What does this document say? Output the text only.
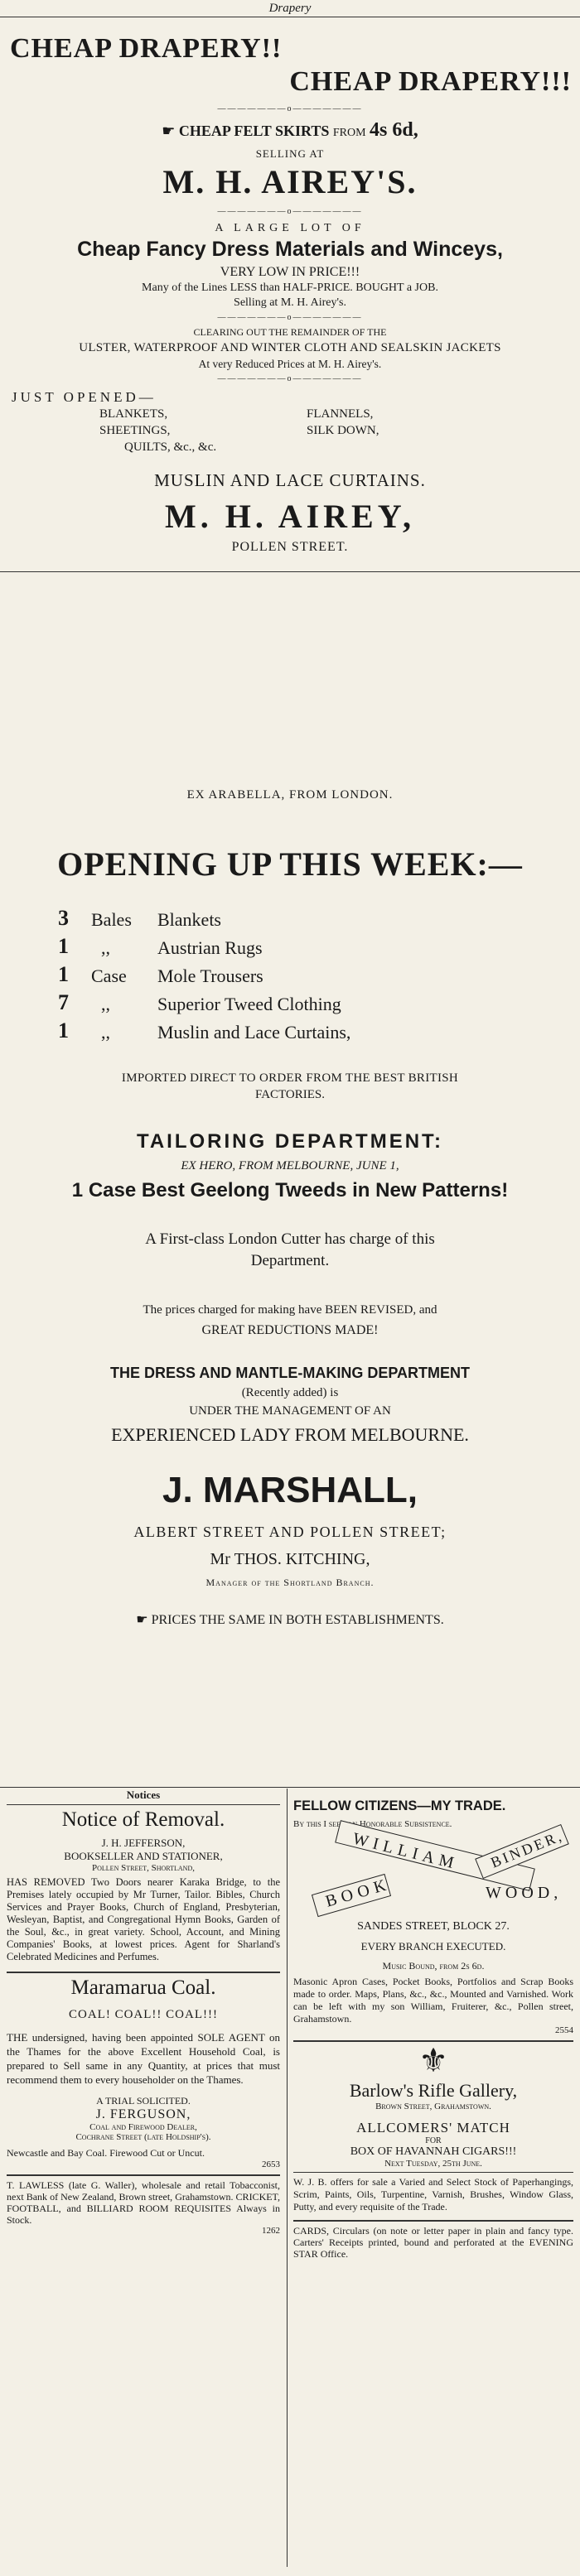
Drapery
CHEAP DRAPERY!!
CHEAP DRAPERY!!!
———————o———————
☛ CHEAP FELT SKIRTS FROM 4s 6d,
SELLING AT
M. H. AIREY'S.
———————o———————
A LARGE LOT OF
Cheap Fancy Dress Materials and Winceys,
VERY LOW IN PRICE!!!
Many of the Lines LESS than HALF-PRICE. BOUGHT a JOB.
Selling at M. H. Airey's.
———————o———————
CLEARING OUT THE REMAINDER OF THE
ULSTER, WATERPROOF AND WINTER CLOTH AND SEALSKIN JACKETS
At very Reduced Prices at M. H. Airey's.
———————o———————
JUST OPENED—
BLANKETS,	FLANNELS,
SHEETINGS,	SILK DOWN,
QUILTS, &c., &c.
MUSLIN AND LACE CURTAINS.
M. H. AIREY,
POLLEN STREET.
EX ARABELLA, FROM LONDON.
OPENING UP THIS WEEK:—
3 Bales Blankets
1 ,,	Austrian Rugs
1 Case Mole Trousers
7 ,,	Superior Tweed Clothing
1 ,,	Muslin and Lace Curtains,
IMPORTED DIRECT TO ORDER FROM THE BEST BRITISH
FACTORIES.
TAILORING DEPARTMENT:
EX HERO, FROM MELBOURNE, JUNE 1,
1 Case Best Geelong Tweeds in New Patterns!
A First-class London Cutter has charge of this
Department.
The prices charged for making have BEEN REVISED, and
GREAT REDUCTIONS MADE!
THE DRESS AND MANTLE-MAKING DEPARTMENT
(Recently added) is
UNDER THE MANAGEMENT OF AN
EXPERIENCED LADY FROM MELBOURNE.
J. MARSHALL,
ALBERT STREET AND POLLEN STREET;
Mr THOS. KITCHING,
Manager of the Shortland Branch.
☛ PRICES THE SAME IN BOTH ESTABLISHMENTS.
Notices

Notice of Removal.

J. H. JEFFERSON,

BOOKSELLER AND STATIONER,

Pollen Street, Shortland,

HAS REMOVED Two Doors nearer Karaka Bridge, to the Premises lately occupied by Mr Turner, Tailor. Bibles, Church Services and Prayer Books, Church of England, Presbyterian, Wesleyan, Baptist, and Congregational Hymn Books, Garden of the Soul, &c., in great variety. School, Account, and Mining Companies' Books, at lowest prices. Agent for Sharland's Celebrated Medicines and Perfumes.

Maramarua Coal.

COAL! COAL!! COAL!!!

THE undersigned, having been appointed SOLE AGENT on the Thames for the above Excellent Household Coal, is prepared to Sell same in any Quantity, at prices that must recommend them to every householder on the Thames.

A TRIAL SOLICITED.

J. FERGUSON,

Coal and Firewood Dealer,

Cochrane Street (late Holdship's).

Newcastle and Bay Coal. Firewood Cut or Uncut.

2653

T. LAWLESS (late G. Waller), wholesale and retail Tobacconist, next Bank of New Zealand, Brown street, Grahamstown. CRICKET, FOOTBALL, and BILLIARD ROOM REQUISITES Always in Stock.

1262

FELLOW CITIZENS—MY TRADE.

By this I seek an Honorable Subsistence.

WILLIAM BINDER,
BOOK	WOOD,

SANDES STREET, BLOCK 27.

EVERY BRANCH EXECUTED.

Music Bound, from 2s 6d.

Masonic Apron Cases, Pocket Books, Portfolios and Scrap Books made to order. Maps, Plans, &c., &c., Mounted and Varnished. Work can be left with my son William, Fruiterer, &c., Pollen street, Grahamstown.

2554

⚜

Barlow's Rifle Gallery,

Brown Street, Grahamstown.

ALLCOMERS' MATCH

FOR

BOX OF HAVANNAH CIGARS!!!

Next Tuesday, 25th June.

W. J. B. offers for sale a Varied and Select Stock of Paperhangings, Scrim, Paints, Oils, Turpentine, Varnish, Brushes, Window Glass, Putty, and every requisite of the Trade.

CARDS, Circulars (on note or letter paper in plain and fancy type. Carters' Receipts printed, bound and perforated at the EVENING STAR Office.
